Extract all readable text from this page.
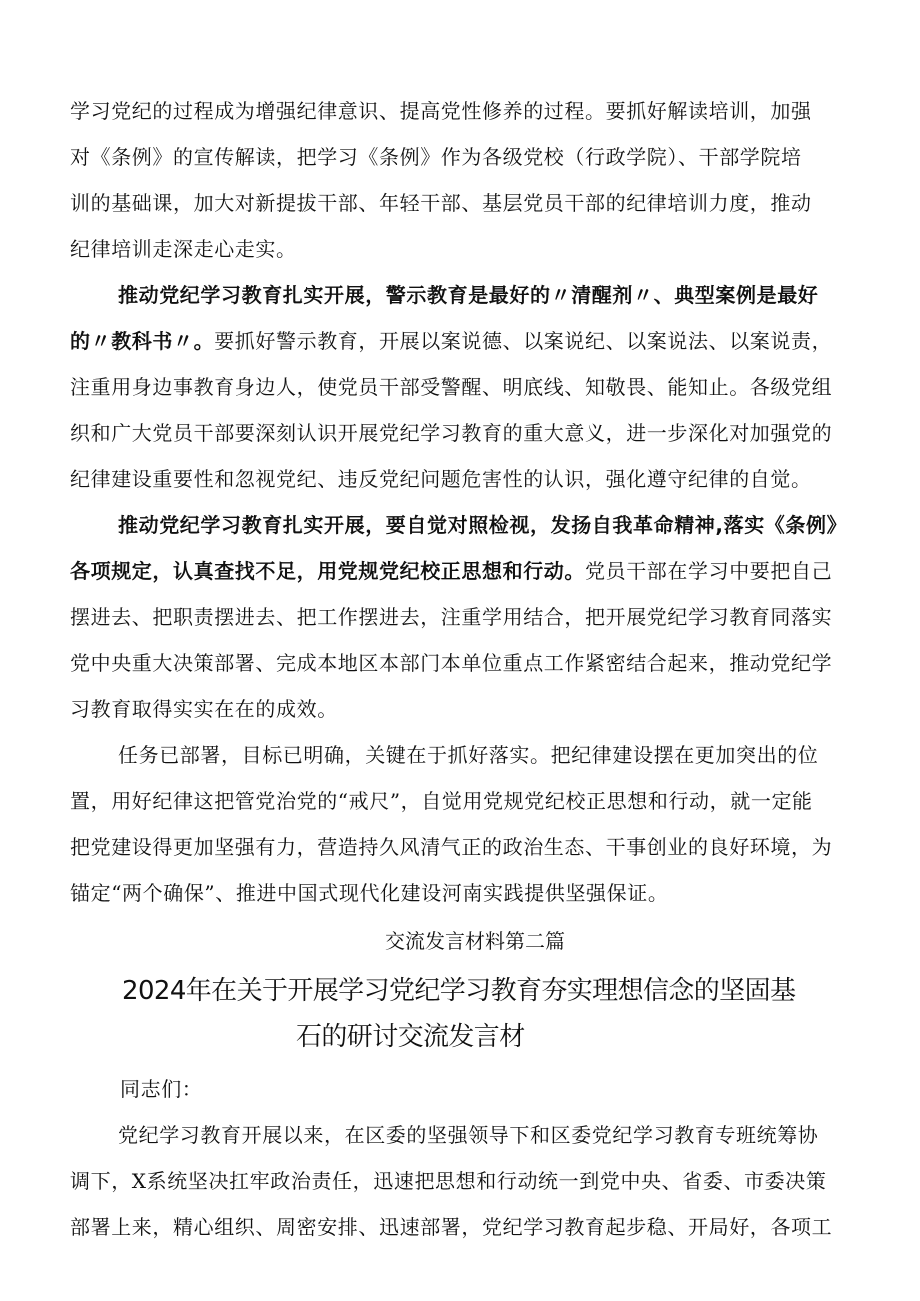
学习党纪的过程成为增强纪律意识、提高党性修养的过程。要抓好解读培训，加强
对《条例》的宣传解读，把学习《条例》作为各级党校（行政学院）、干部学院培
训的基础课，加大对新提拔干部、年轻干部、基层党员干部的纪律培训力度，推动
纪律培训走深走心走实。
推动党纪学习教育扎实开展，警示教育是最好的〃清醒剂〃、典型案例是最好
的〃教科书〃。要抓好警示教育，开展以案说德、以案说纪、以案说法、以案说责，
注重用身边事教育身边人，使党员干部受警醒、明底线、知敬畏、能知止。各级党组
织和广大党员干部要深刻认识开展党纪学习教育的重大意义，进一步深化对加强党的
纪律建设重要性和忽视党纪、违反党纪问题危害性的认识，强化遵守纪律的自觉。
推动党纪学习教育扎实开展，要自觉对照检视，发扬自我革命精神,落实《条例》
各项规定，认真查找不足，用党规党纪校正思想和行动。党员干部在学习中要把自己
摆进去、把职责摆进去、把工作摆进去，注重学用结合，把开展党纪学习教育同落实
党中央重大决策部署、完成本地区本部门本单位重点工作紧密结合起来，推动党纪学
习教育取得实实在在的成效。
任务已部署，目标已明确，关键在于抓好落实。把纪律建设摆在更加突出的位
置，用好纪律这把管党治党的“戒尺”，自觉用党规党纪校正思想和行动，就一定能
把党建设得更加坚强有力，营造持久风清气正的政治生态、干事创业的良好环境，为
锚定“两个确保”、推进中国式现代化建设河南实践提供坚强保证。
交流发言材料第二篇
2024年在关于开展学习党纪学习教育夯实理想信念的坚固基
石的研讨交流发言材
同志们：
党纪学习教育开展以来，在区委的坚强领导下和区委党纪学习教育专班统筹协
调下，X系统坚决扛牢政治责任，迅速把思想和行动统一到党中央、省委、市委决策
部署上来，精心组织、周密安排、迅速部署，党纪学习教育起步稳、开局好，各项工
